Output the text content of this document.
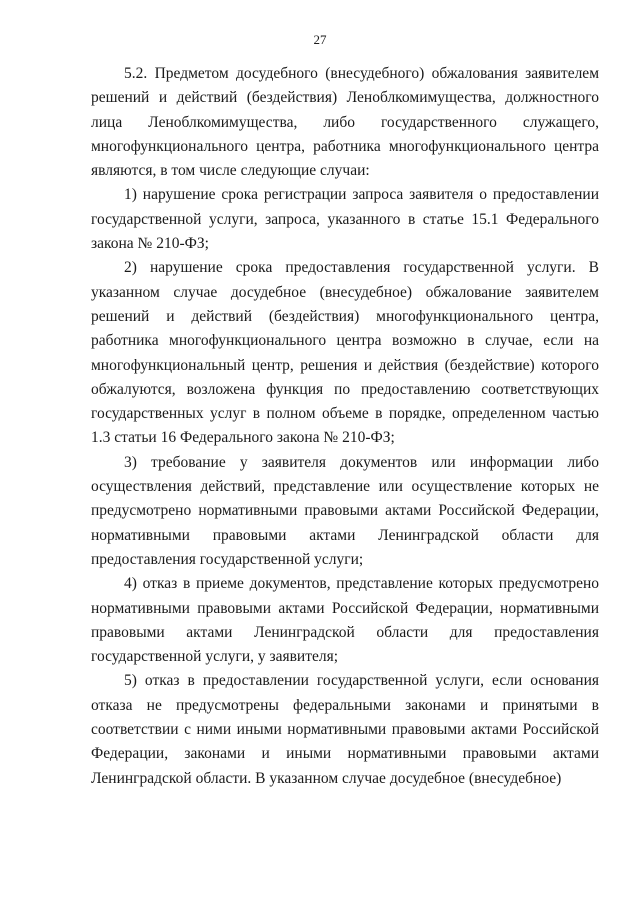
27

5.2. Предметом досудебного (внесудебного) обжалования заявителем решений и действий (бездействия) Леноблкомимущества, должностного лица Леноблкомимущества, либо государственного служащего, многофункционального центра, работника многофункционального центра являются, в том числе следующие случаи:

1) нарушение срока регистрации запроса заявителя о предоставлении государственной услуги, запроса, указанного в статье 15.1 Федерального закона № 210-ФЗ;

2) нарушение срока предоставления государственной услуги. В указанном случае досудебное (внесудебное) обжалование заявителем решений и действий (бездействия) многофункционального центра, работника многофункционального центра возможно в случае, если на многофункциональный центр, решения и действия (бездействие) которого обжалуются, возложена функция по предоставлению соответствующих государственных услуг в полном объеме в порядке, определенном частью 1.3 статьи 16 Федерального закона № 210-ФЗ;

3) требование у заявителя документов или информации либо осуществления действий, представление или осуществление которых не предусмотрено нормативными правовыми актами Российской Федерации, нормативными правовыми актами Ленинградской области для предоставления государственной услуги;

4) отказ в приеме документов, представление которых предусмотрено нормативными правовыми актами Российской Федерации, нормативными правовыми актами Ленинградской области для предоставления государственной услуги, у заявителя;

5) отказ в предоставлении государственной услуги, если основания отказа не предусмотрены федеральными законами и принятыми в соответствии с ними иными нормативными правовыми актами Российской Федерации, законами и иными нормативными правовыми актами Ленинградской области. В указанном случае досудебное (внесудебное)
